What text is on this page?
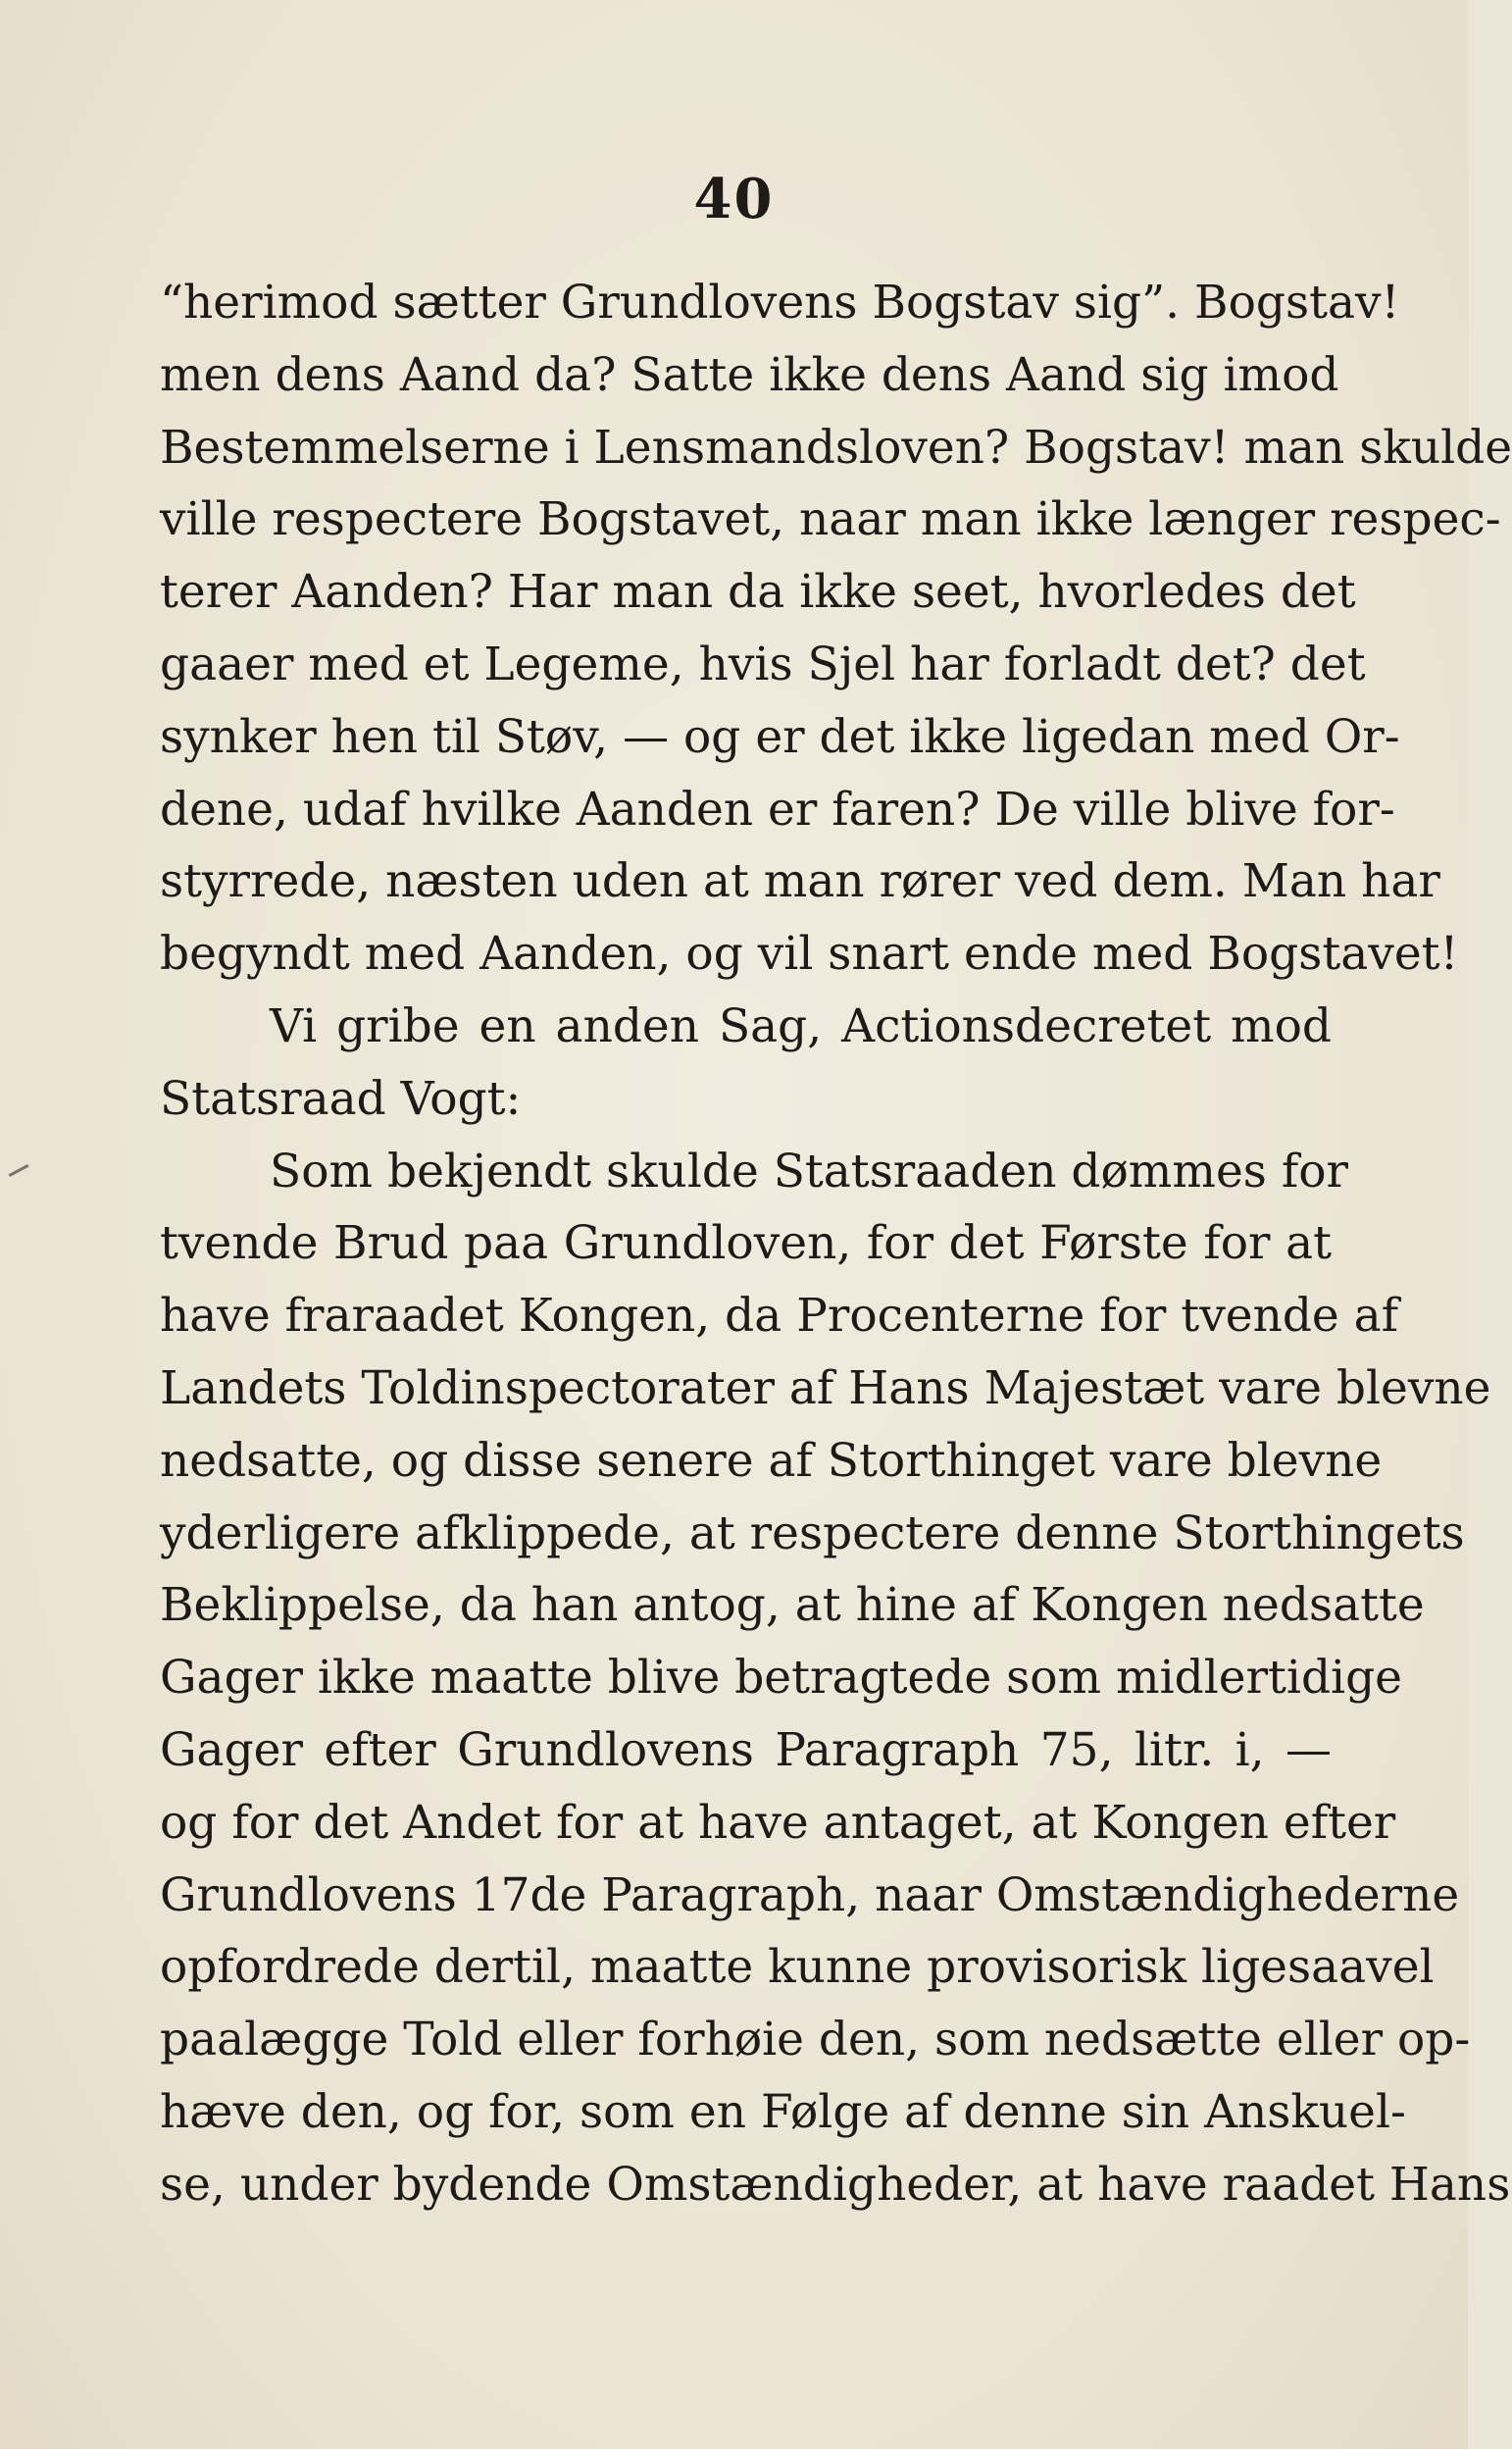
40
“herimod sætter Grundlovens Bogstav sig”. Bogstav!
men dens Aand da? Satte ikke dens Aand sig imod
Bestemmelserne i Lensmandsloven? Bogstav! man skulde
ville respectere Bogstavet, naar man ikke længer respec-
terer Aanden? Har man da ikke seet, hvorledes det
gaaer med et Legeme, hvis Sjel har forladt det? det
synker hen til Støv, — og er det ikke ligedan med Or-
dene, udaf hvilke Aanden er faren? De ville blive for-
styrrede, næsten uden at man rører ved dem. Man har
begyndt med Aanden, og vil snart ende med Bogstavet!
Vi gribe en anden Sag, Actionsdecretet mod
Statsraad Vogt:
Som bekjendt skulde Statsraaden dømmes for
tvende Brud paa Grundloven, for det Første for at
have fraraadet Kongen, da Procenterne for tvende af
Landets Toldinspectorater af Hans Majestæt vare blevne
nedsatte, og disse senere af Storthinget vare blevne
yderligere afklippede, at respectere denne Storthingets
Beklippelse, da han antog, at hine af Kongen nedsatte
Gager ikke maatte blive betragtede som midlertidige
Gager efter Grundlovens Paragraph 75, litr. i, —
og for det Andet for at have antaget, at Kongen efter
Grundlovens 17de Paragraph, naar Omstændighederne
opfordrede dertil, maatte kunne provisorisk ligesaavel
paalægge Told eller forhøie den, som nedsætte eller op-
hæve den, og for, som en Følge af denne sin Anskuel-
se, under bydende Omstændigheder, at have raadet Hans
